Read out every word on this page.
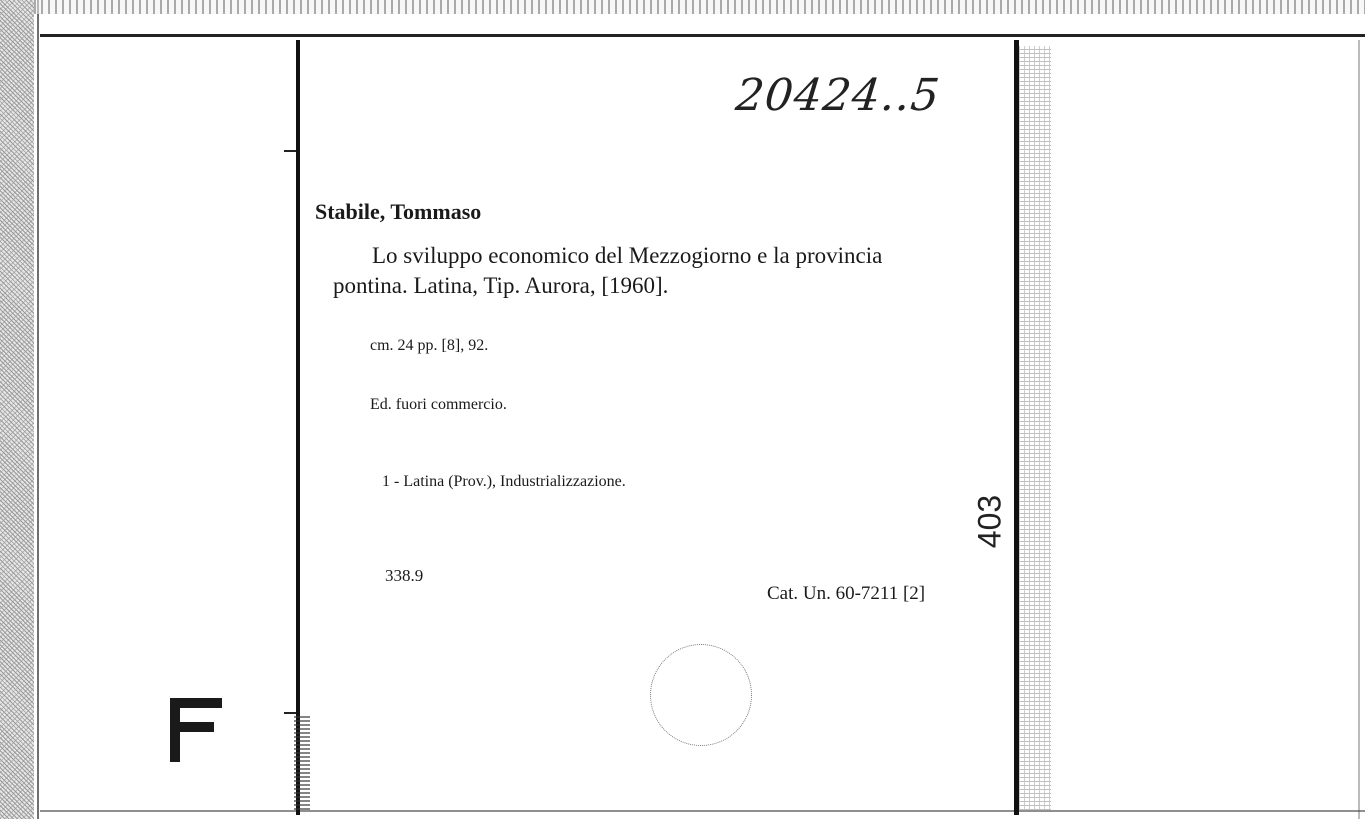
20424..5
Stabile, Tommaso
Lo sviluppo economico del Mezzogiorno e la provincia
pontina. Latina, Tip. Aurora, [1960].
cm. 24 pp. [8], 92.
Ed. fuori commercio.
1 - Latina (Prov.), Industrializzazione.
338.9
Cat. Un. 60-7211 [2]
403
